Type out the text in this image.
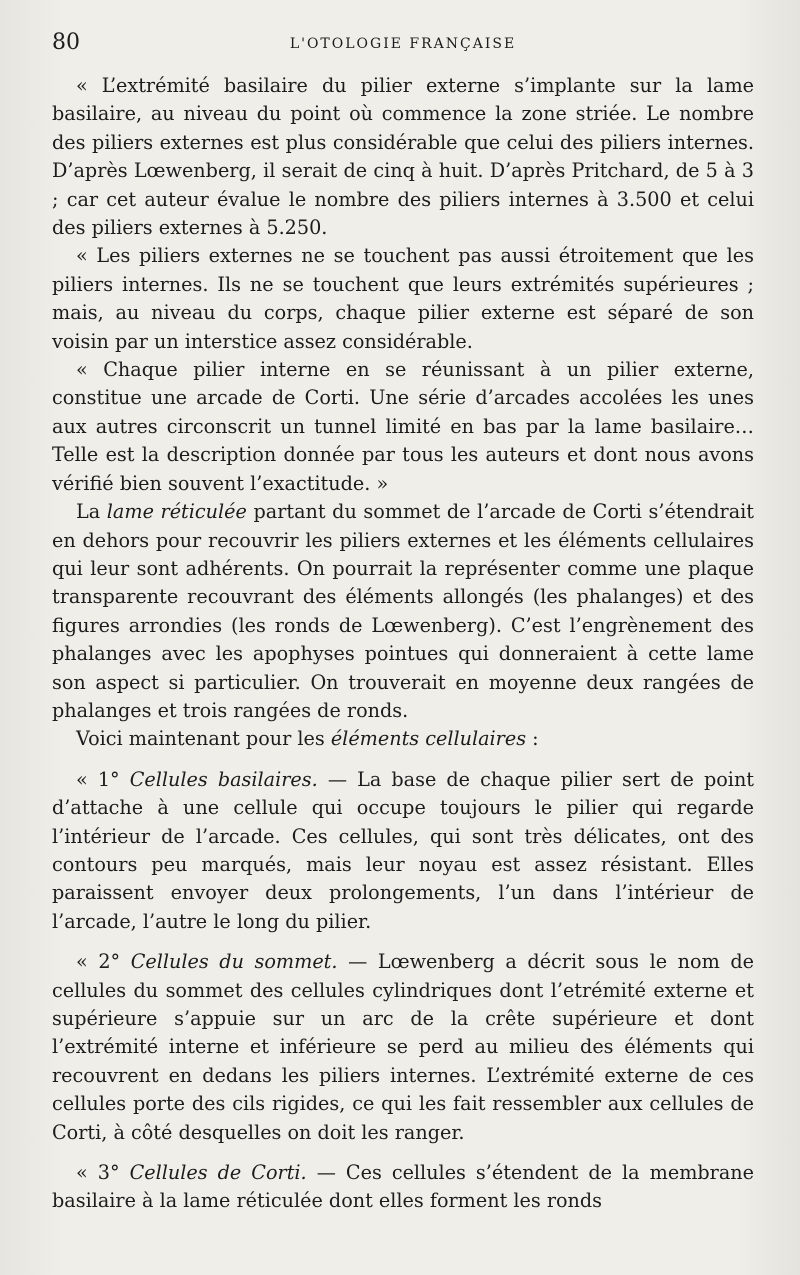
80	L'OTOLOGIE FRANÇAISE

« L’extrémité basilaire du pilier externe s’implante sur la lame basilaire, au niveau du point où commence la zone striée. Le nombre des piliers externes est plus considérable que celui des piliers internes. D’après Lœwenberg, il serait de cinq à huit. D’après Pritchard, de 5 à 3 ; car cet auteur évalue le nombre des piliers internes à 3.500 et celui des piliers externes à 5.250.

« Les piliers externes ne se touchent pas aussi étroitement que les piliers internes. Ils ne se touchent que leurs extrémités supérieures ; mais, au niveau du corps, chaque pilier externe est séparé de son voisin par un interstice assez considérable.

« Chaque pilier interne en se réunissant à un pilier externe, constitue une arcade de Corti. Une série d’arcades accolées les unes aux autres circonscrit un tunnel limité en bas par la lame basilaire… Telle est la description donnée par tous les auteurs et dont nous avons vérifié bien souvent l’exactitude. »

La lame réticulée partant du sommet de l’arcade de Corti s’étendrait en dehors pour recouvrir les piliers externes et les éléments cellulaires qui leur sont adhérents. On pourrait la représenter comme une plaque transparente recouvrant des éléments allongés (les phalanges) et des figures arrondies (les ronds de Lœwenberg). C’est l’engrènement des phalanges avec les apophyses pointues qui donneraient à cette lame son aspect si particulier. On trouverait en moyenne deux rangées de phalanges et trois rangées de ronds.

Voici maintenant pour les éléments cellulaires :

« 1° Cellules basilaires. — La base de chaque pilier sert de point d’attache à une cellule qui occupe toujours le pilier qui regarde l’intérieur de l’arcade. Ces cellules, qui sont très délicates, ont des contours peu marqués, mais leur noyau est assez résistant. Elles paraissent envoyer deux prolongements, l’un dans l’intérieur de l’arcade, l’autre le long du pilier.

« 2° Cellules du sommet. — Lœwenberg a décrit sous le nom de cellules du sommet des cellules cylindriques dont l’etrémité externe et supérieure s’appuie sur un arc de la crête supérieure et dont l’extrémité interne et inférieure se perd au milieu des éléments qui recouvrent en dedans les piliers internes. L’extrémité externe de ces cellules porte des cils rigides, ce qui les fait ressembler aux cellules de Corti, à côté desquelles on doit les ranger.

« 3° Cellules de Corti. — Ces cellules s’étendent de la membrane basilaire à la lame réticulée dont elles forment les ronds
